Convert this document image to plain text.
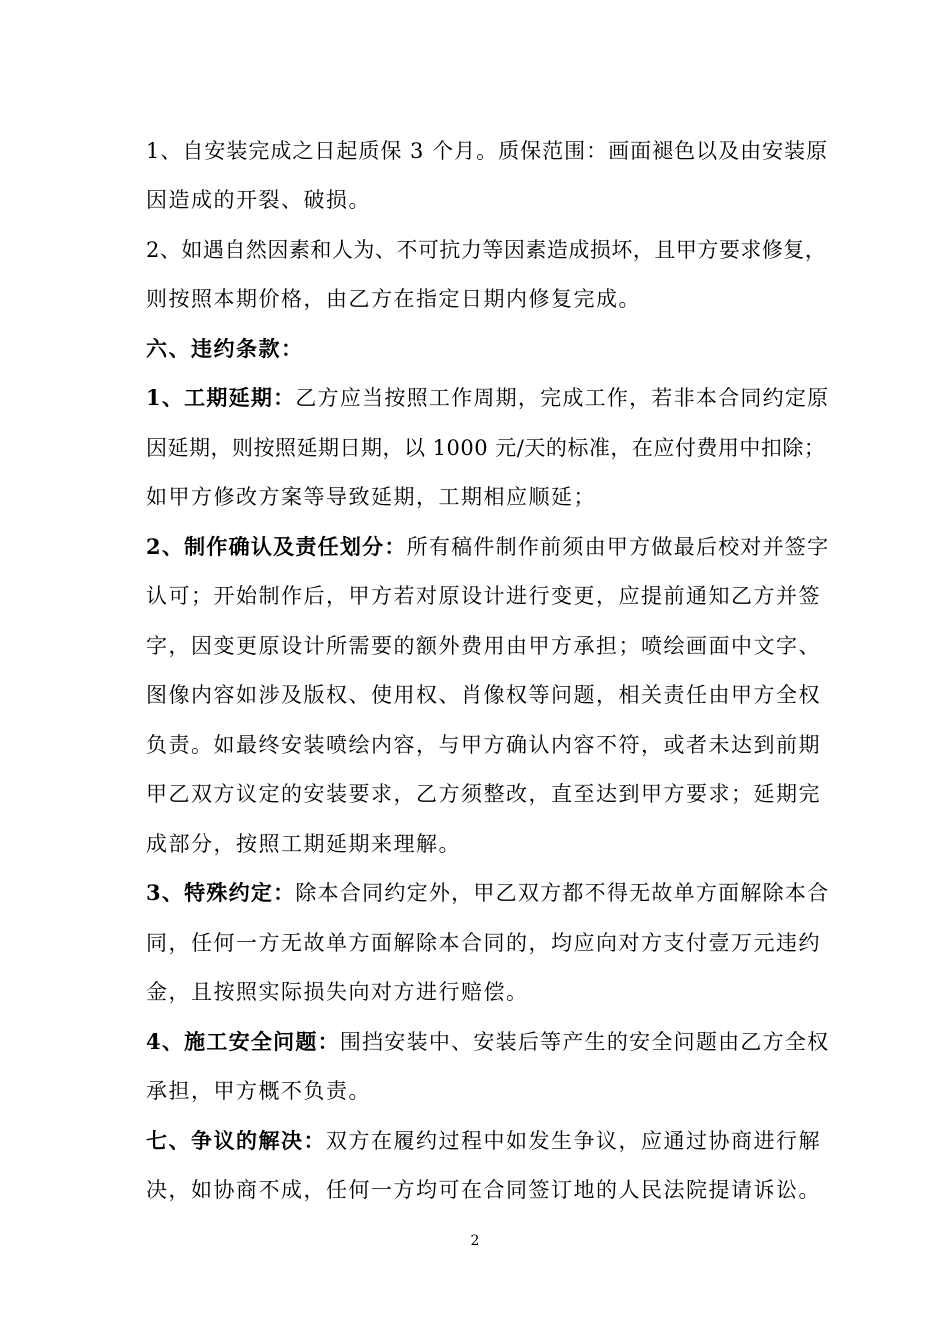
1、自安装完成之日起质保 3 个月。质保范围：画面褪色以及由安装原
因造成的开裂、破损。
2、如遇自然因素和人为、不可抗力等因素造成损坏，且甲方要求修复，
则按照本期价格，由乙方在指定日期内修复完成。
六、违约条款：
1、工期延期：乙方应当按照工作周期，完成工作，若非本合同约定原
因延期，则按照延期日期，以 1000 元/天的标准，在应付费用中扣除；
如甲方修改方案等导致延期，工期相应顺延；
2、制作确认及责任划分：所有稿件制作前须由甲方做最后校对并签字
认可；开始制作后，甲方若对原设计进行变更，应提前通知乙方并签
字，因变更原设计所需要的额外费用由甲方承担；喷绘画面中文字、
图像内容如涉及版权、使用权、肖像权等问题，相关责任由甲方全权
负责。如最终安装喷绘内容，与甲方确认内容不符，或者未达到前期
甲乙双方议定的安装要求，乙方须整改，直至达到甲方要求；延期完
成部分，按照工期延期来理解。
3、特殊约定：除本合同约定外，甲乙双方都不得无故单方面解除本合
同，任何一方无故单方面解除本合同的，均应向对方支付壹万元违约
金，且按照实际损失向对方进行赔偿。
4、施工安全问题：围挡安装中、安装后等产生的安全问题由乙方全权
承担，甲方概不负责。
七、争议的解决：双方在履约过程中如发生争议，应通过协商进行解
决，如协商不成，任何一方均可在合同签订地的人民法院提请诉讼。
2
